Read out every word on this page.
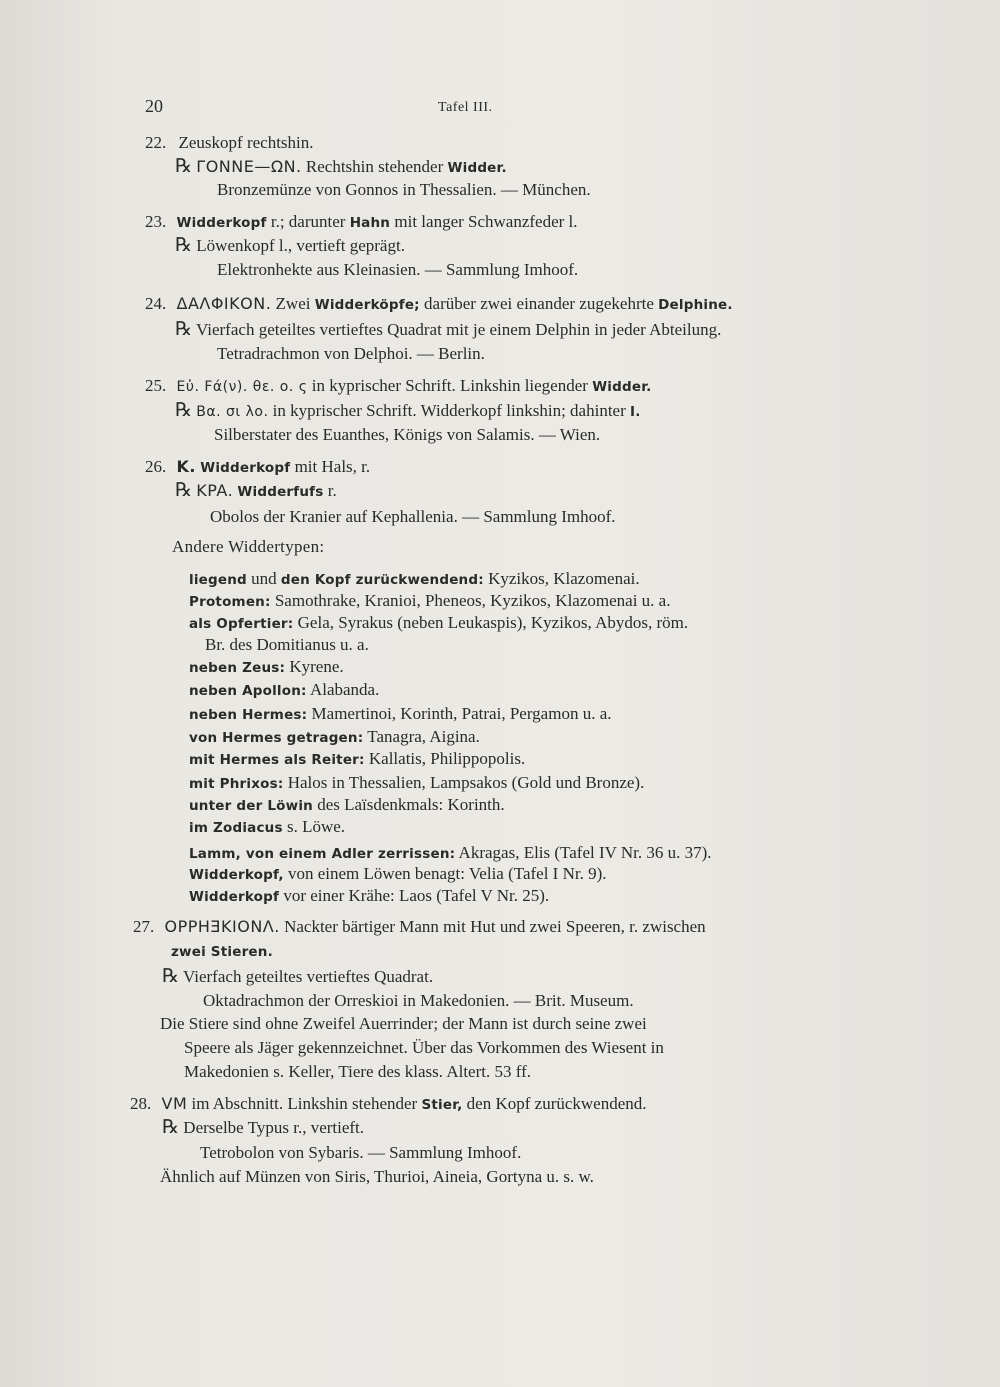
20	Tafel III.
22. Zeuskopf rechtshin.
℞ ΓONNE—ΩN. Rechtshin stehender Widder.
Bronzemünze von Gonnos in Thessalien. — München.
23. Widderkopf r.; darunter Hahn mit langer Schwanzfeder l.
℞ Löwenkopf l., vertieft geprägt.
Elektronhekte aus Kleinasien. — Sammlung Imhoof.
24. ΔΑΛΦΙΚΟΝ. Zwei Widderköpfe; darüber zwei einander zugekehrte Delphine.
℞ Vierfach geteiltes vertieftes Quadrat mit je einem Delphin in jeder Abteilung.
Tetradrachmon von Delphoi. — Berlin.
25. Εὐ. Fά(ν). θε. ο. ς in kyprischer Schrift. Linkshin liegender Widder.
℞ Βα. σι λο. in kyprischer Schrift. Widderkopf linkshin; dahinter I.
Silberstater des Euanthes, Königs von Salamis. — Wien.
26. K. Widderkopf mit Hals, r.
℞ KPA. Widderfufs r.
Obolos der Kranier auf Kephallenia. — Sammlung Imhoof.
Andere Widdertypen:
liegend und den Kopf zurückwendend: Kyzikos, Klazomenai.
Protomen: Samothrake, Kranioi, Pheneos, Kyzikos, Klazomenai u. a.
als Opfertier: Gela, Syrakus (neben Leukaspis), Kyzikos, Abydos, röm.
Br. des Domitianus u. a.
neben Zeus: Kyrene.
neben Apollon: Alabanda.
neben Hermes: Mamertinoi, Korinth, Patrai, Pergamon u. a.
von Hermes getragen: Tanagra, Aigina.
mit Hermes als Reiter: Kallatis, Philippopolis.
mit Phrixos: Halos in Thessalien, Lampsakos (Gold und Bronze).
unter der Löwin des Laïsdenkmals: Korinth.
im Zodiacus s. Löwe.
Lamm, von einem Adler zerrissen: Akragas, Elis (Tafel IV Nr. 36 u. 37).
Widderkopf, von einem Löwen benagt: Velia (Tafel I Nr. 9).
Widderkopf vor einer Krähe: Laos (Tafel V Nr. 25).
27. OPPHƎKIONΛ. Nackter bärtiger Mann mit Hut und zwei Speeren, r. zwischen
zwei Stieren.
℞ Vierfach geteiltes vertieftes Quadrat.
Oktadrachmon der Orreskioi in Makedonien. — Brit. Museum.
Die Stiere sind ohne Zweifel Auerrinder; der Mann ist durch seine zwei
Speere als Jäger gekennzeichnet. Über das Vorkommen des Wiesent in
Makedonien s. Keller, Tiere des klass. Altert. 53 ff.
28. VM im Abschnitt. Linkshin stehender Stier, den Kopf zurückwendend.
℞ Derselbe Typus r., vertieft.
Tetrobolon von Sybaris. — Sammlung Imhoof.
Ähnlich auf Münzen von Siris, Thurioi, Aineia, Gortyna u. s. w.
